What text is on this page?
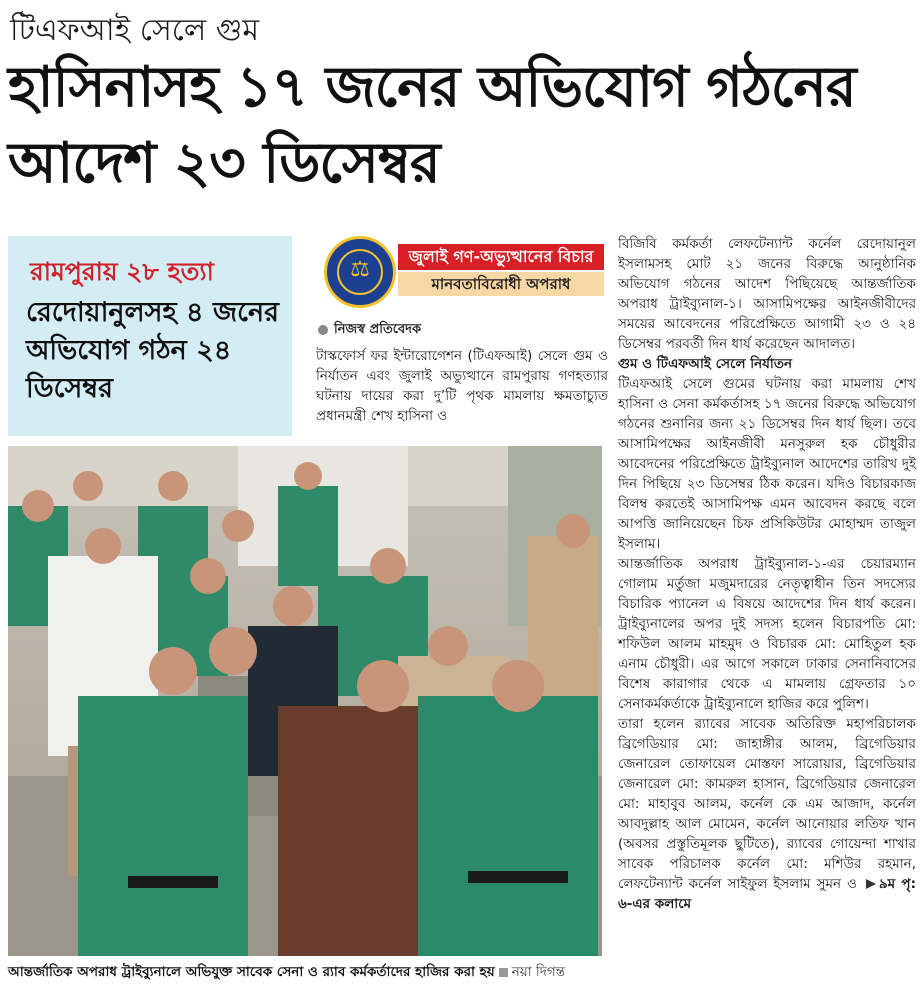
টিএফআই সেলে গুম
হাসিনাসহ ১৭ জনের অভিযোগ গঠনের আদেশ ২৩ ডিসেম্বর
রামপুরায় ২৮ হত্যা
রেদোয়ানুলসহ ৪ জনের অভিযোগ গঠন ২৪ ডিসেম্বর
⚖
জুলাই গণ-অভ্যুত্থানের বিচার
মানবতাবিরোধী অপরাধ
নিজস্ব প্রতিবেদক
টাস্কফোর্স ফর ইন্টারোগেশন (টিএফআই) সেলে গুম ও নির্যাতন এবং জুলাই অভ্যুত্থানে রামপুরায় গণহত্যার ঘটনায় দায়ের করা দু’টি পৃথক মামলায় ক্ষমতাচ্যুত প্রধানমন্ত্রী শেখ হাসিনা ও

বিজিবি কর্মকর্তা লেফটেন্যান্ট কর্নেল রেদোয়ানুল ইসলামসহ মোট ২১ জনের বিরুদ্ধে আনুষ্ঠানিক অভিযোগ গঠনের আদেশ পিছিয়েছে আন্তর্জাতিক অপরাধ ট্রাইব্যুনাল-১। আসামিপক্ষের আইনজীবীদের সময়ের আবেদনের পরিপ্রেক্ষিতে আগামী ২৩ ও ২৪ ডিসেম্বর পরবর্তী দিন ধার্য করেছেন আদালত।

গুম ও টিএফআই সেলে নির্যাতন

টিএফআই সেলে গুমের ঘটনায় করা মামলায় শেখ হাসিনা ও সেনা কর্মকর্তাসহ ১৭ জনের বিরুদ্ধে অভিযোগ গঠনের শুনানির জন্য ২১ ডিসেম্বর দিন ধার্য ছিল। তবে আসামিপক্ষের আইনজীবী মনসুরুল হক চৌধুরীর আবেদনের পরিপ্রেক্ষিতে ট্রাইব্যুনাল আদেশের তারিখ দুই দিন পিছিয়ে ২৩ ডিসেম্বর ঠিক করেন। যদিও বিচারকাজ বিলম্ব করতেই আসামিপক্ষ এমন আবেদন করছে বলে আপত্তি জানিয়েছেন চিফ প্রসিকিউটর মোহাম্মদ তাজুল ইসলাম।

আন্তর্জাতিক অপরাধ ট্রাইব্যুনাল-১-এর চেয়ারম্যান গোলাম মর্তুজা মজুমদারের নেতৃত্বাধীন তিন সদস্যের বিচারিক প্যানেল এ বিষয়ে আদেশের দিন ধার্য করেন। ট্রাইব্যুনালের অপর দুই সদস্য হলেন বিচারপতি মো: শফিউল আলম মাহমুদ ও বিচারক মো: মোহিতুল হক এনাম চৌধুরী। এর আগে সকালে ঢাকার সেনানিবাসের বিশেষ কারাগার থেকে এ মামলায় গ্রেফতার ১০ সেনাকর্মকর্তাকে ট্রাইব্যুনালে হাজির করে পুলিশ।

তারা হলেন র‌্যাবের সাবেক অতিরিক্ত মহাপরিচালক ব্রিগেডিয়ার মো: জাহাঙ্গীর আলম, ব্রিগেডিয়ার জেনারেল তোফায়েল মোস্তফা সারোয়ার, ব্রিগেডিয়ার জেনারেল মো: কামরুল হাসান, ব্রিগেডিয়ার জেনারেল মো: মাহাবুব আলম, কর্নেল কে এম আজাদ, কর্নেল আবদুল্লাহ আল মোমেন, কর্নেল আনোয়ার লতিফ খান (অবসর প্রস্তুতিমূলক ছুটিতে), র‌্যাবের গোয়েন্দা শাখার সাবেক পরিচালক কর্নেল মো: মশিউর রহমান, লেফটেন্যান্ট কর্নেল সাইফুল ইসলাম সুমন ও ৯ম পৃ: ৬-এর কলামে

আন্তর্জাতিক অপরাধ ট্রাইব্যুনালে অভিযুক্ত সাবেক সেনা ও র‌্যাব কর্মকর্তাদের হাজির করা হয় নয়া দিগন্ত
